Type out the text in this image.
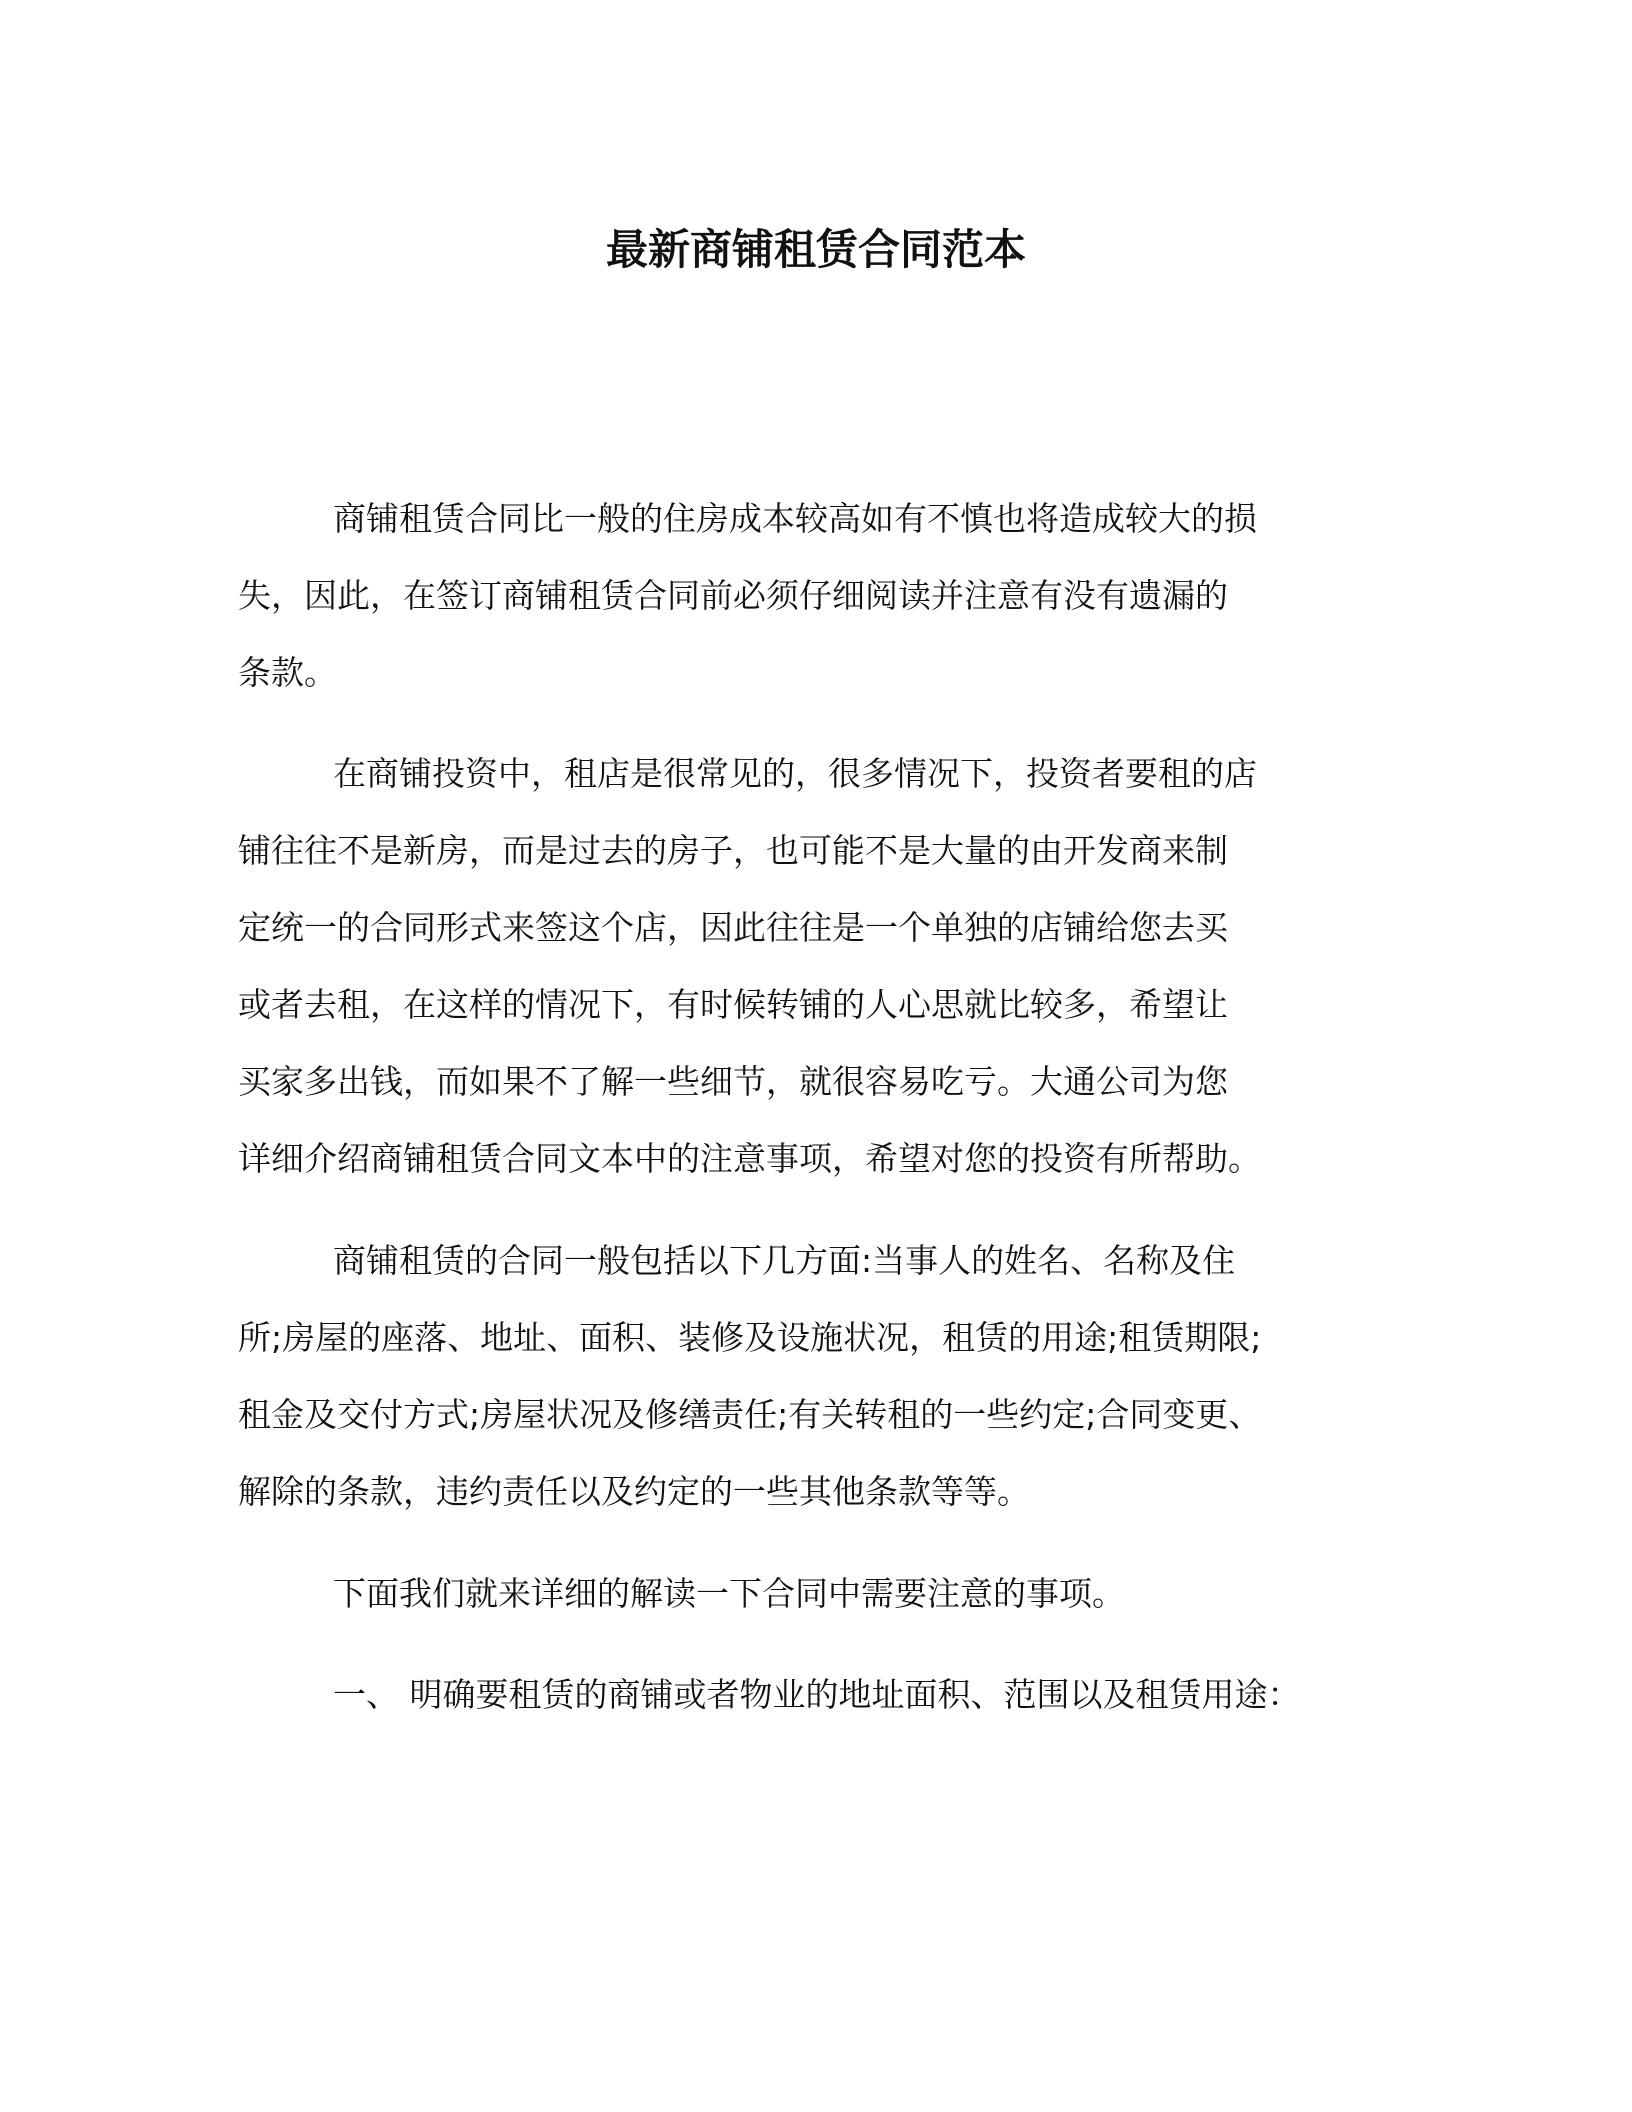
最新商铺租赁合同范本

商铺租赁合同比一般的住房成本较高如有不慎也将造成较大的损
失，因此，在签订商铺租赁合同前必须仔细阅读并注意有没有遗漏的
条款。

在商铺投资中，租店是很常见的，很多情况下，投资者要租的店
铺往往不是新房，而是过去的房子，也可能不是大量的由开发商来制
定统一的合同形式来签这个店，因此往往是一个单独的店铺给您去买
或者去租，在这样的情况下，有时候转铺的人心思就比较多，希望让
买家多出钱，而如果不了解一些细节，就很容易吃亏。大通公司为您
详细介绍商铺租赁合同文本中的注意事项，希望对您的投资有所帮助。

商铺租赁的合同一般包括以下几方面:当事人的姓名、名称及住
所;房屋的座落、地址、面积、装修及设施状况，租赁的用途;租赁期限;
租金及交付方式;房屋状况及修缮责任;有关转租的一些约定;合同变更、
解除的条款，违约责任以及约定的一些其他条款等等。

下面我们就来详细的解读一下合同中需要注意的事项。

一、 明确要租赁的商铺或者物业的地址面积、范围以及租赁用途：
